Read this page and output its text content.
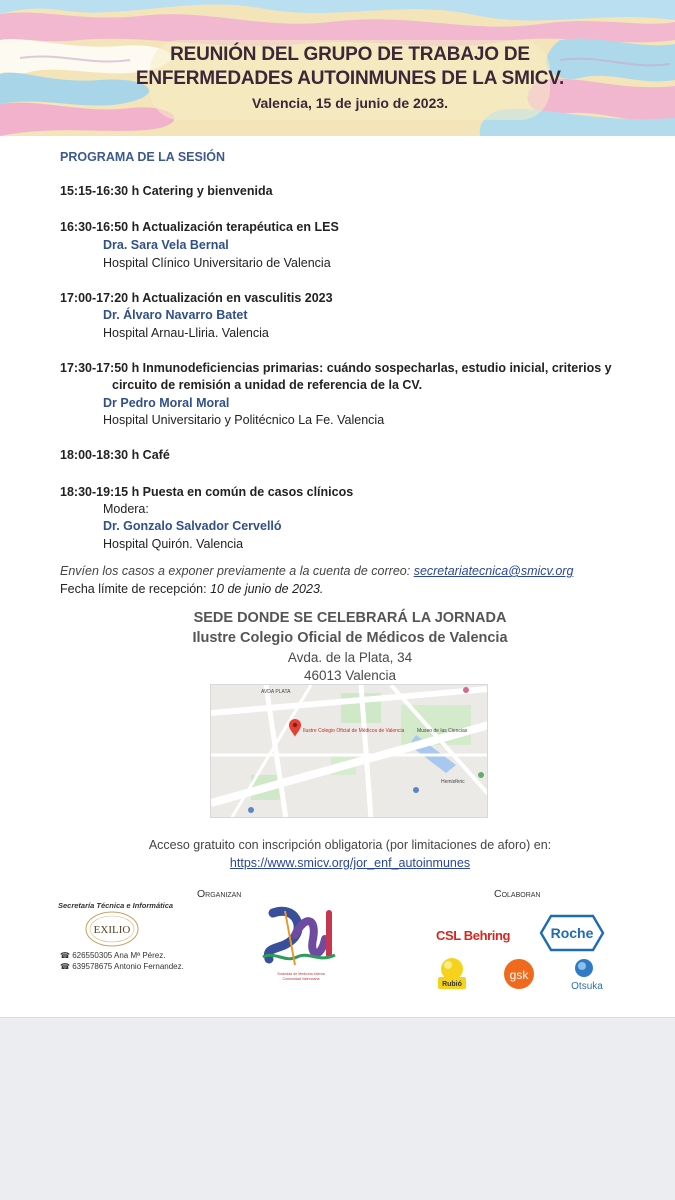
REUNIÓN DEL GRUPO DE TRABAJO DE
ENFERMEDADES AUTOINMUNES DE LA SMICV.
Valencia, 15 de junio de 2023.
PROGRAMA DE LA SESIÓN
15:15-16:30 h Catering y bienvenida
16:30-16:50 h Actualización terapéutica en LES
Dra. Sara Vela Bernal
Hospital Clínico Universitario de Valencia
17:00-17:20 h Actualización en vasculitis 2023
Dr. Álvaro Navarro Batet
Hospital Arnau-Lliria. Valencia
17:30-17:50 h Inmunodeficiencias primarias: cuándo sospecharlas, estudio inicial, criterios y
circuito de remisión a unidad de referencia de la CV.
Dr Pedro Moral Moral
Hospital Universitario y Politécnico La Fe. Valencia
18:00-18:30 h Café
18:30-19:15 h Puesta en común de casos clínicos
Modera:
Dr. Gonzalo Salvador Cervelló
Hospital Quirón. Valencia
Envíen los casos a exponer previamente a la cuenta de correo: secretariatecnica@smicv.org
Fecha límite de recepción: 10 de junio de 2023.
SEDE DONDE SE CELEBRARÁ LA JORNADA
Ilustre Colegio Oficial de Médicos de Valencia
Avda. de la Plata, 34
46013 Valencia
Ilustre Colegio Oficial de Médicos de Valencia
AVDA PLATA
Museo de las Ciencias
Hemisfèric
Acceso gratuito con inscripción obligatoria (por limitaciones de aforo) en:
https://www.smicv.org/jor_enf_autoinmunes
Organizan
Secretaría Técnica e Informática
EXILIO
☎ 626550305 Ana Mª Pérez.
☎ 639578675 Antonio Fernandez.
Sociedad de Medicina Interna
Comunidad Valenciana
Colaboran
CSL Behring	Roche
Rubió
gsk
Otsuka
